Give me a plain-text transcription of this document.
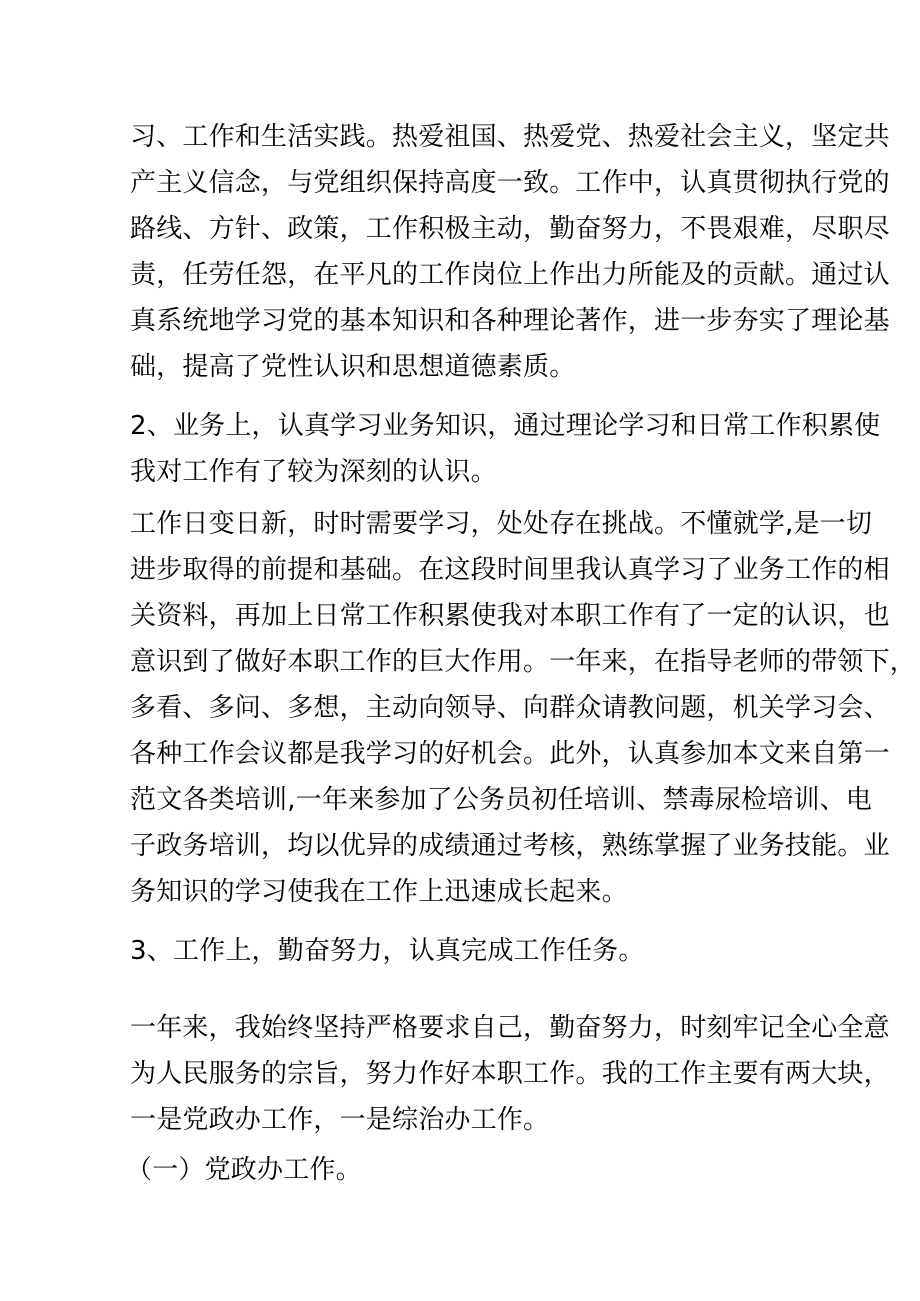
习、工作和生活实践。热爱祖国、热爱党、热爱社会主义，坚定共
产主义信念，与党组织保持高度一致。工作中，认真贯彻执行党的
路线、方针、政策，工作积极主动，勤奋努力，不畏艰难，尽职尽
责，任劳任怨，在平凡的工作岗位上作出力所能及的贡献。通过认
真系统地学习党的基本知识和各种理论著作，进一步夯实了理论基
础，提高了党性认识和思想道德素质。
2、业务上，认真学习业务知识，通过理论学习和日常工作积累使
我对工作有了较为深刻的认识。
工作日变日新，时时需要学习，处处存在挑战。不懂就学,是一切
进步取得的前提和基础。在这段时间里我认真学习了业务工作的相
关资料，再加上日常工作积累使我对本职工作有了一定的认识，也
意识到了做好本职工作的巨大作用。一年来，在指导老师的带领下，
多看、多问、多想，主动向领导、向群众请教问题，机关学习会、
各种工作会议都是我学习的好机会。此外，认真参加本文来自第一
范文各类培训,一年来参加了公务员初任培训、禁毒尿检培训、电
子政务培训，均以优异的成绩通过考核，熟练掌握了业务技能。业
务知识的学习使我在工作上迅速成长起来。
3、工作上，勤奋努力，认真完成工作任务。
一年来，我始终坚持严格要求自己，勤奋努力，时刻牢记全心全意
为人民服务的宗旨，努力作好本职工作。我的工作主要有两大块，
一是党政办工作，一是综治办工作。
（一）党政办工作。
